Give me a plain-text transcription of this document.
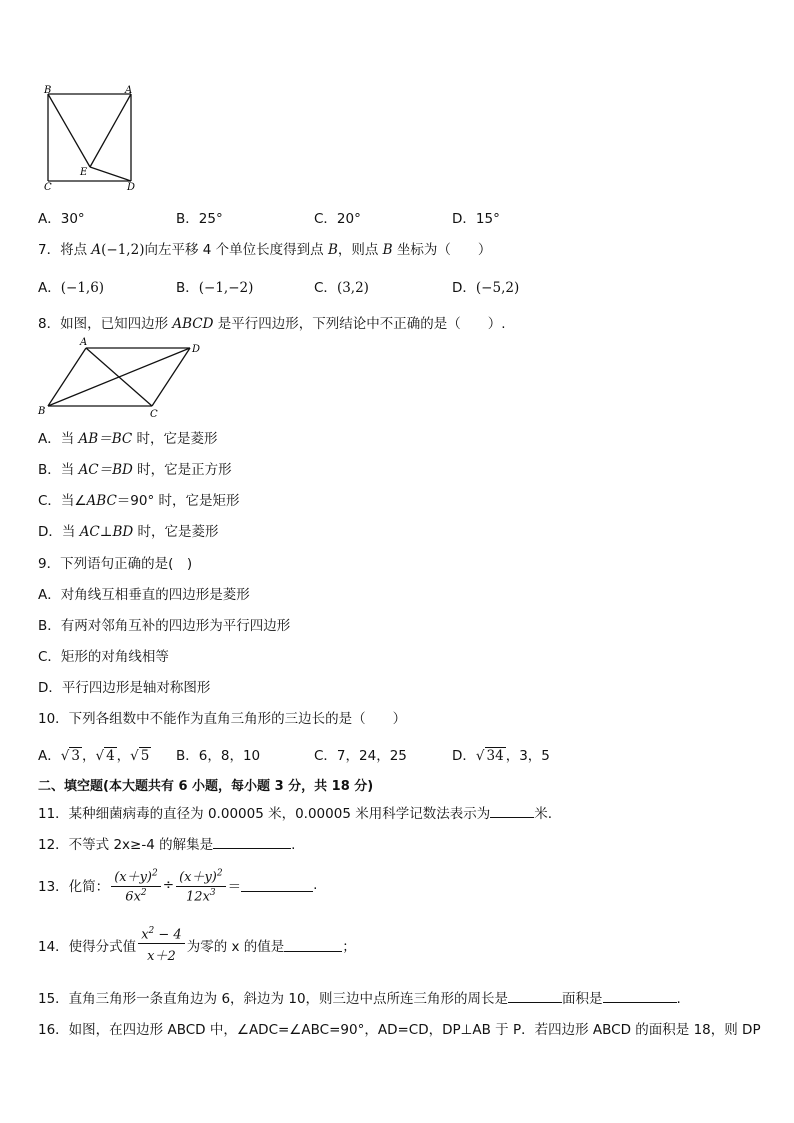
B	A
C
E
D
A．30°	B．25°	C．20°	D．15°
7．将点 A(−1,2)向左平移 4 个单位长度得到点 B，则点 B 坐标为（　　）
A．(−1,6)	B．(−1,−2)	C．(3,2)	D．(−5,2)
8．如图，已知四边形 ABCD 是平行四边形，下列结论中不正确的是（　　）.
A
D
B	C
A．当 AB＝BC 时，它是菱形
B．当 AC＝BD 时，它是正方形
C．当∠ABC＝90° 时，它是矩形
D．当 AC⊥BD 时，它是菱形
9．下列语句正确的是(　)
A．对角线互相垂直的四边形是菱形
B．有两对邻角互补的四边形为平行四边形
C．矩形的对角线相等
D．平行四边形是轴对称图形
10．下列各组数中不能作为直角三角形的三边长的是（　　）
A．√ 3 ，√ 4 ，√ 5 B．6，8，10	C．7，24，25	D．√ 34 ，3，5
二、填空题(本大题共有 6 小题，每小题 3 分，共 18 分)
11．某种细菌病毒的直径为 0.00005 米，0.00005 米用科学记数法表示为	米.
12．不等式 2x≥-4 的解集是	.
13．化简： $\frac{(x+y)^2}{6x^2} \div \frac{(x+y)^2}{12x^3}$ ＝	.
14．使得分式值 $\frac{x^2 - 4}{x+2}$ 为零的 x 的值是	；
15．直角三角形一条直角边为 6，斜边为 10，则三边中点所连三角形的周长是	面积是	.
16．如图，在四边形 ABCD 中，∠ADC=∠ABC=90°，AD=CD，DP⊥AB 于 P．若四边形 ABCD 的面积是 18，则 DP
